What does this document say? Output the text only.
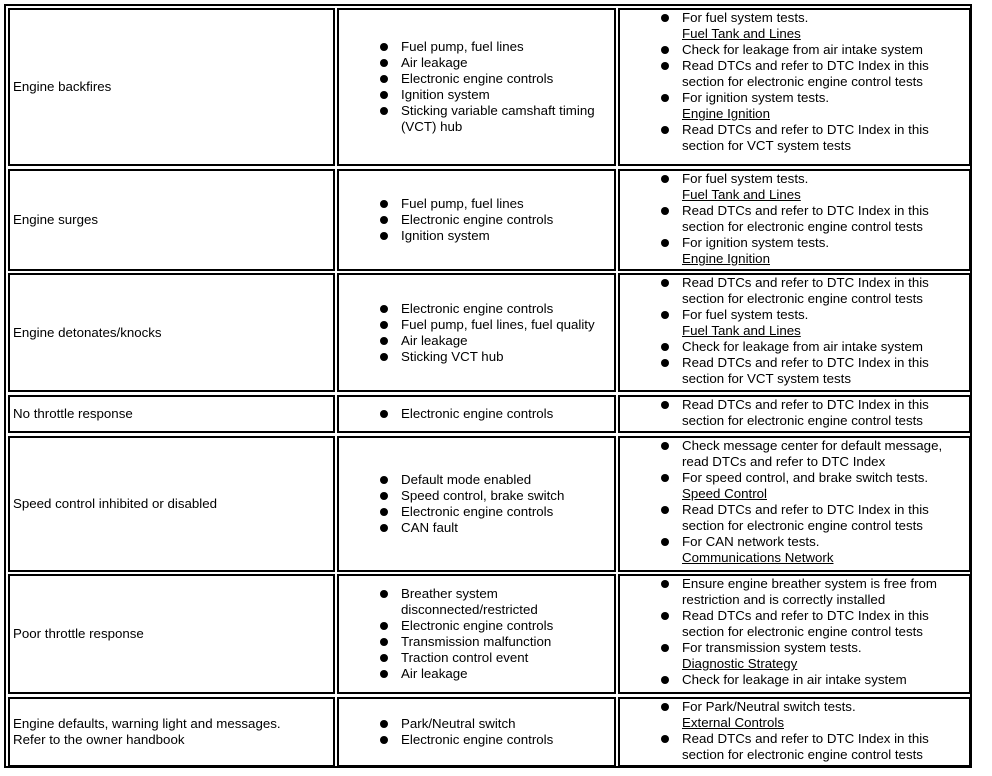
Engine backfires
Fuel pump, fuel lines
Air leakage
Electronic engine controls
Ignition system
Sticking variable camshaft timing (VCT) hub
For fuel system tests.
Fuel Tank and Lines
Check for leakage from air intake system
Read DTCs and refer to DTC Index in this section for electronic engine control tests
For ignition system tests.
Engine Ignition
Read DTCs and refer to DTC Index in this section for VCT system tests
Engine surges
Fuel pump, fuel lines
Electronic engine controls
Ignition system
For fuel system tests.
Fuel Tank and Lines
Read DTCs and refer to DTC Index in this section for electronic engine control tests
For ignition system tests.
Engine Ignition
Engine detonates/knocks
Electronic engine controls
Fuel pump, fuel lines, fuel quality
Air leakage
Sticking VCT hub
Read DTCs and refer to DTC Index in this section for electronic engine control tests
For fuel system tests.
Fuel Tank and Lines
Check for leakage from air intake system
Read DTCs and refer to DTC Index in this section for VCT system tests
No throttle response	Electronic engine controls
Read DTCs and refer to DTC Index in this section for electronic engine control tests
Speed control inhibited or disabled
Default mode enabled
Speed control, brake switch
Electronic engine controls
CAN fault
Check message center for default message, read DTCs and refer to DTC Index
For speed control, and brake switch tests.
Speed Control
Read DTCs and refer to DTC Index in this section for electronic engine control tests
For CAN network tests.
Communications Network
Poor throttle response
Breather system disconnected/restricted
Electronic engine controls
Transmission malfunction
Traction control event
Air leakage
Ensure engine breather system is free from restriction and is correctly installed
Read DTCs and refer to DTC Index in this section for electronic engine control tests
For transmission system tests.
Diagnostic Strategy
Check for leakage in air intake system
Engine defaults, warning light and messages.
Refer to the owner handbook
Park/Neutral switch
Electronic engine controls
For Park/Neutral switch tests.
External Controls
Read DTCs and refer to DTC Index in this section for electronic engine control tests
